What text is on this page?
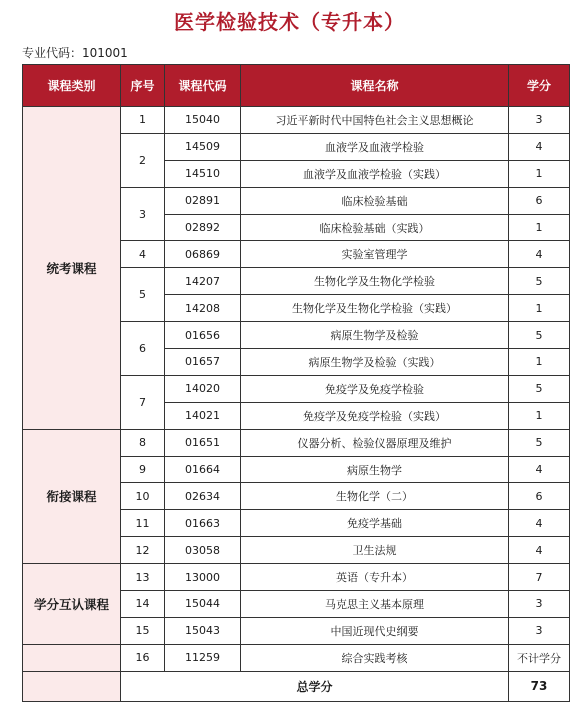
医学检验技术（专升本）
专业代码：101001
课程类别	序号	课程代码	课程名称	学分
统考课程	1	15040	习近平新时代中国特色社会主义思想概论	3
	2	14509	血液学及血液学检验	4
		14510	血液学及血液学检验（实践）	1
	3	02891	临床检验基础	6
		02892	临床检验基础（实践）	1
	4	06869	实验室管理学	4
	5	14207	生物化学及生物化学检验	5
		14208	生物化学及生物化学检验（实践）	1
	6	01656	病原生物学及检验	5
		01657	病原生物学及检验（实践）	1
	7	14020	免疫学及免疫学检验	5
		14021	免疫学及免疫学检验（实践）	1
衔接课程	8	01651	仪器分析、检验仪器原理及维护	5
	9	01664	病原生物学	4
	10	02634	生物化学（二）	6
	11	01663	免疫学基础	4
	12	03058	卫生法规	4
学分互认课程	13	13000	英语（专升本）	7
	14	15044	马克思主义基本原理	3
	15	15043	中国近现代史纲要	3
	16	11259	综合实践考核	不计学分
	总学分			73
